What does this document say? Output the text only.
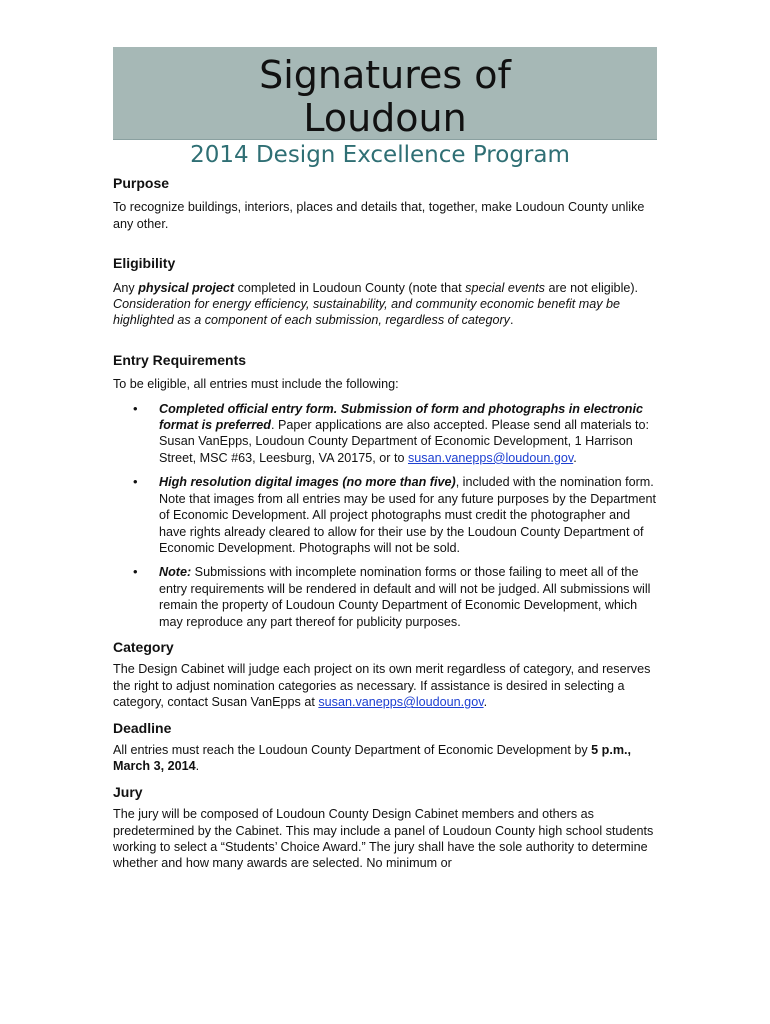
Signatures of
Loudoun
2014 Design Excellence Program
Purpose

To recognize buildings, interiors, places and details that, together, make Loudoun County unlike any other.

Eligibility

Any physical project completed in Loudoun County (note that special events are not eligible). Consideration for energy efficiency, sustainability, and community economic benefit may be highlighted as a component of each submission, regardless of category.

Entry Requirements

To be eligible, all entries must include the following:

• Completed official entry form. Submission of form and photographs in electronic format is preferred. Paper applications are also accepted. Please send all materials to: Susan VanEpps, Loudoun County Department of Economic Development, 1 Harrison Street, MSC #63, Leesburg, VA 20175, or to susan.vanepps@loudoun.gov.
• High resolution digital images (no more than five), included with the nomination form. Note that images from all entries may be used for any future purposes by the Department of Economic Development. All project photographs must credit the photographer and have rights already cleared to allow for their use by the Loudoun County Department of Economic Development. Photographs will not be sold.
• Note: Submissions with incomplete nomination forms or those failing to meet all of the entry requirements will be rendered in default and will not be judged. All submissions will remain the property of Loudoun County Department of Economic Development, which may reproduce any part thereof for publicity purposes.
Category

The Design Cabinet will judge each project on its own merit regardless of category, and reserves the right to adjust nomination categories as necessary. If assistance is desired in selecting a category, contact Susan VanEpps at susan.vanepps@loudoun.gov.

Deadline

All entries must reach the Loudoun County Department of Economic Development by 5 p.m., March 3, 2014.

Jury

The jury will be composed of Loudoun County Design Cabinet members and others as predetermined by the Cabinet. This may include a panel of Loudoun County high school students working to select a “Students’ Choice Award.” The jury shall have the sole authority to determine whether and how many awards are selected. No minimum or
